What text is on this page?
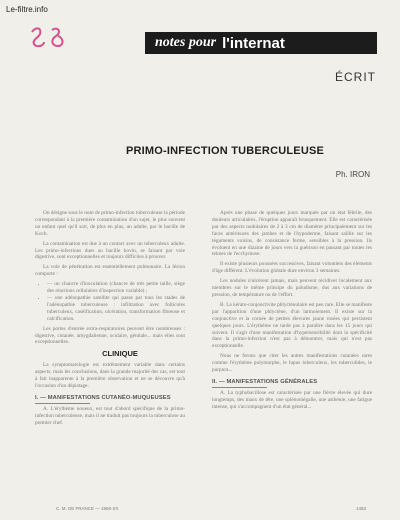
Le-filtre.info
notes pour l'internat
ÉCRIT
PRIMO-INFECTION TUBERCULEUSE
Ph. IRON

On désigne sous le nom de primo-infection tuberculeuse la période correspondant à la première contamination d'un sujet, le plus souvent un enfant quel qu'il soit, de plus en plus, un adulte, par le bacille de Koch.

La contamination est due à un contact avec un tuberculeux adulte. Les primo-infections dues au bacille bovin, se faisant par voie digestive, sont exceptionnelles et toujours difficiles à prouver.

La voie de pénétration est essentiellement pulmonaire. La lésion comporte :

• — un chancre d'inoculation (chancre de très petite taille, siège des réactions cellulaires d'inspection variable) ;
• — une adénopathie satellite qui passe par tous les stades de l'adénopathie tuberculeuse : infiltration avec follicules tuberculeux, caséification, ulcération, transformation fibreuse et calcification.

Les portes d'entrée extra-respiratoires peuvent être nombreuses : digestive, cutanée, amygdalienne, oculaire, génitale... mais elles sont exceptionnelles.

CLINIQUE

La symptomatologie est extrêmement variable dans certains aspects, mais les conclusions, dans la grande majorité des cas, est tout à fait inapparente à la première observation et ne se découvre qu'à l'occasion d'un dépistage.

I. — MANIFESTATIONS CUTANÉO-MUQUEUSES

A. L'érythème noueux, est tout d'abord spécifique de la primo-infection tuberculeuse, mais il ne traduit pas toujours la tuberculose au premier chef.

Après une phase de quelques jours marquée par un état fébrile, des douleurs articulaires, l'éruption apparaît brusquement. Elle est caractérisée par des aspects nodulaires de 2 à 3 cm de diamètre principalement sur les faces antérieures des jambes et de l'hypoderme, faisant saillie sur les téguments voisins, de consistance ferme, sensibles à la pression. Ils évoluent en une dizaine de jours vers la guérison en passant par toutes les teintes de l'ecchymose.

Il existe plusieurs poussées successives, faisant volontiers des éléments d'âge différent. L'évolution globale dure environ 3 semaines.

Les nodules n'ulcèrent jamais, mais peuvent récidiver localement aux membres sur le même principe du paludisme, dus aux variations de pression, de température ou de l'effort.

B. La kérato-conjonctivite phlycténulaire est peu rare. Elle se manifeste par l'apparition d'une phlyctène, d'un larmoiement. Il existe sur la conjonctive et la cornée de petites élevures jaune rosées qui persistent quelques jours. L'érythème ne tarde pas à paraître dans les 15 jours qui suivent. Il s'agit d'une manifestation d'hypersensibilité dont la spécificité dans la primo-infection n'est pas à démontrer, mais qui n'est pas exceptionnelle.

Nous ne ferons que citer les autres manifestations cutanées rares comme l'érythème polymorphe, le lupus tuberculeux, les tuberculides, le purpura...

II. — MANIFESTATIONS GÉNÉRALES

A. La typhobacillose est caractérisée par une fièvre élevée qui dure longtemps, des maux de tête, une splénomégalie, une asthénie, une fatigue intense, qui s'accompagnent d'un état général...

C. M. DE FRANCE — 1966-XX	1483
